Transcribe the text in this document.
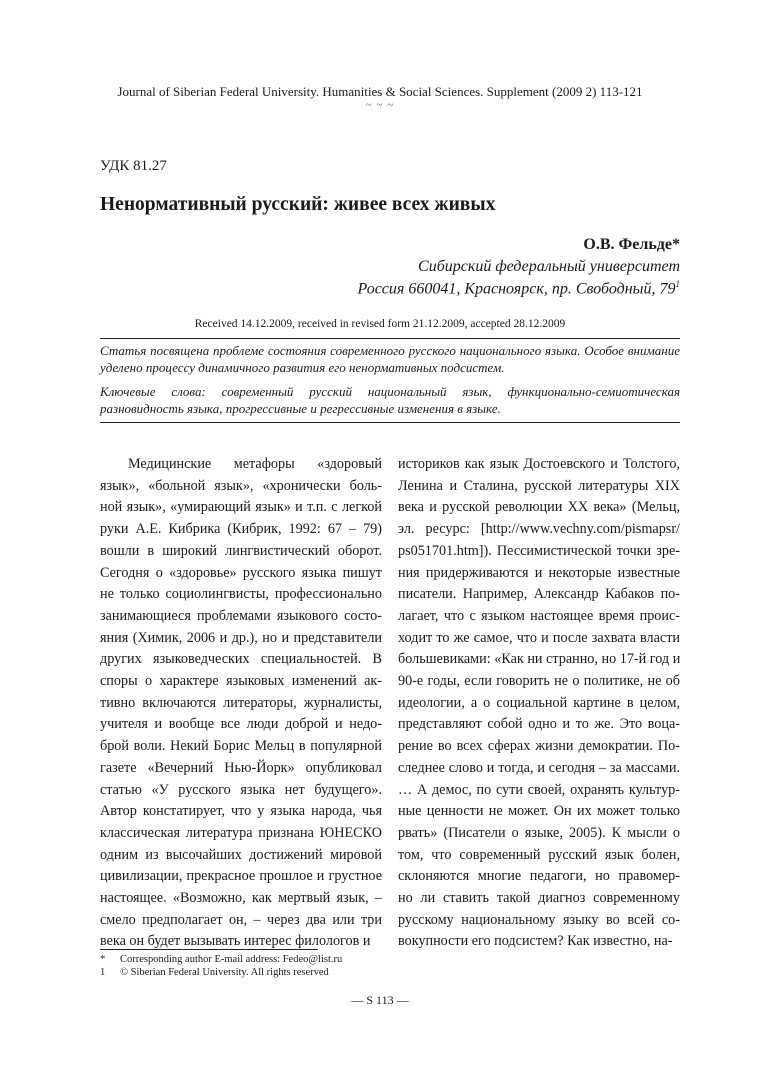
Journal of Siberian Federal University. Humanities & Social Sciences. Supplement (2009 2) 113-121
~ ~ ~
УДК 81.27
Ненормативный русский: живее всех живых
О.В. Фельде*
Сибирский федеральный университет
Россия 660041, Красноярск, пр. Свободный, $79^1$
Received 14.12.2009, received in revised form 21.12.2009, accepted 28.12.2009
Статья посвящена проблеме состояния современного русского национального языка. Особое внимание уделено процессу динамичного развития его ненормативных подсистем.
Ключевые слова: современный русский национальный язык, функционально-семиотическая разновидность языка, прогрессивные и регрессивные изменения в языке.
Медицинские метафоры «здоровый
язык», «больной язык», «хронически боль-
ной язык», «умирающий язык» и т.п. с легкой
руки А.Е. Кибрика (Кибрик, 1992: 67 – 79)
вошли в широкий лингвистический оборот.
Сегодня о «здоровье» русского языка пишут
не только социолингвисты, профессионально
занимающиеся проблемами языкового состо-
яния (Химик, 2006 и др.), но и представители
других языковедческих специальностей. В
споры о характере языковых изменений ак-
тивно включаются литераторы, журналисты,
учителя и вообще все люди доброй и недо-
брой воли. Некий Борис Мельц в популярной
газете «Вечерний Нью-Йорк» опубликовал
статью «У русского языка нет будущего».
Автор констатирует, что у языка народа, чья
классическая литература признана ЮНЕСКО
одним из высочайших достижений мировой
цивилизации, прекрасное прошлое и грустное
настоящее. «Возможно, как мертвый язык, –
смело предполагает он, – через два или три
века он будет вызывать интерес филологов и
историков как язык Достоевского и Толстого,
Ленина и Сталина, русской литературы XIX
века и русской революции XX века» (Мельц,
эл. ресурс: [http://www.vechny.com/pismapsr/
ps051701.htm]). Пессимистической точки зре-
ния придерживаются и некоторые известные
писатели. Например, Александр Кабаков по-
лагает, что с языком настоящее время проис-
ходит то же самое, что и после захвата власти
большевиками: «Как ни странно, но 17-й год и
90-е годы, если говорить не о политике, не об
идеологии, а о социальной картине в целом,
представляют собой одно и то же. Это воца-
рение во всех сферах жизни демократии. По-
следнее слово и тогда, и сегодня – за массами.
… А демос, по сути своей, охранять культур-
ные ценности не может. Он их может только
рвать» (Писатели о языке, 2005). К мысли о
том, что современный русский язык болен,
склоняются многие педагоги, но правомер-
но ли ставить такой диагноз современному
русскому национальному языку во всей со-
вокупности его подсистем? Как известно, на-
* Corresponding author E-mail address: Fedeo@list.ru
1 © Siberian Federal University. All rights reserved
— S 113 —
